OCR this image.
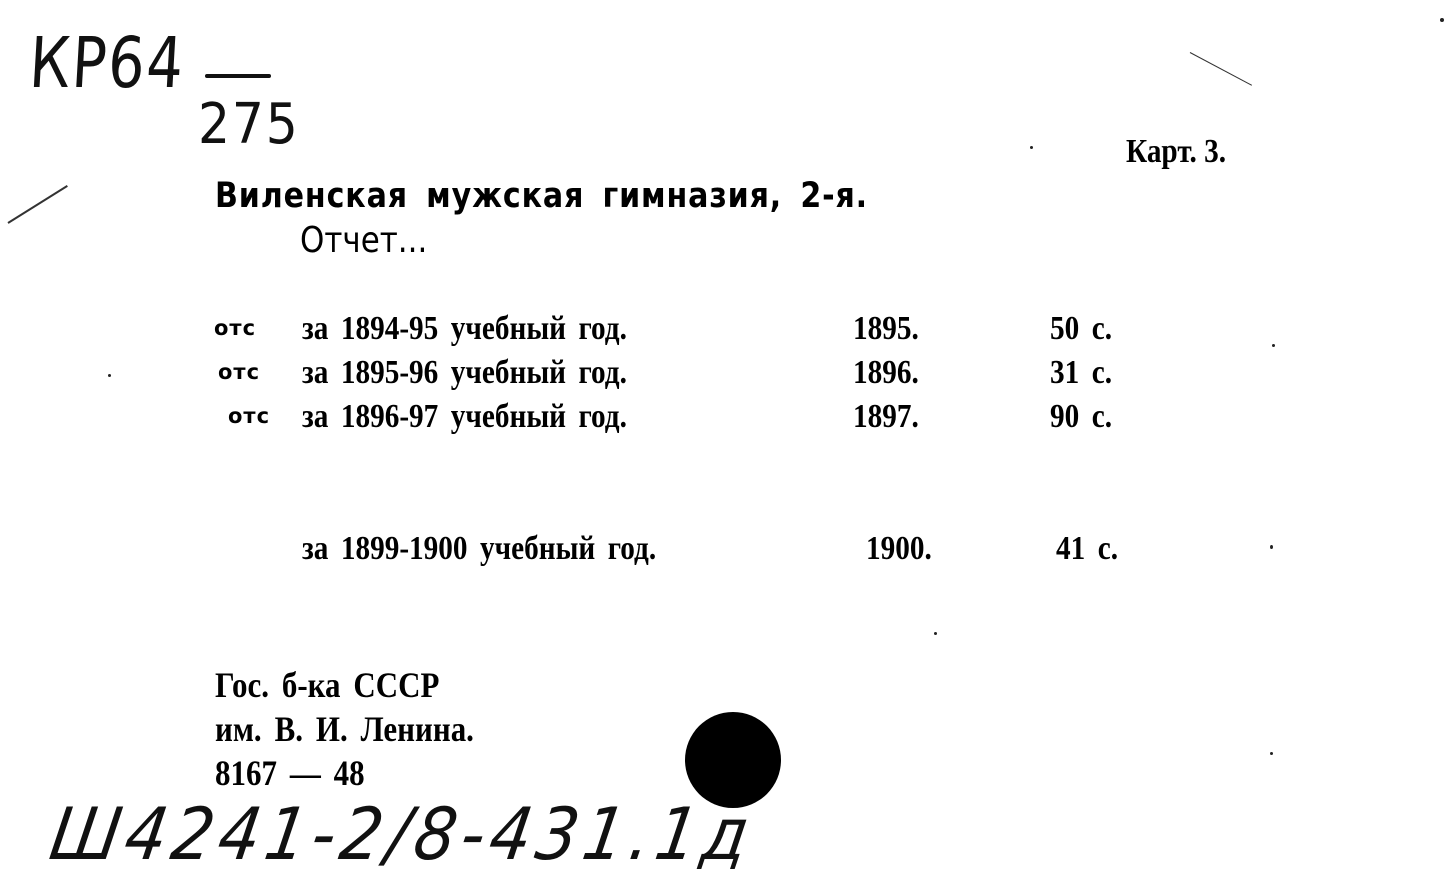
КР64
275	Карт. 3.
Виленская мужская гимназия, 2-я.
Отчет...
отс за 1894-95 учебный год.	1895.	50 с.
отс за 1895-96 учебный год.	1896.	31 с.
отс за 1896-97 учебный год.	1897.	90 с.
за 1899-1900 учебный год.	1900.	41 с.
Гос. б-ка СССР
им. В. И. Ленина.
8167 — 48
Ш4241-2/8-431.1д
